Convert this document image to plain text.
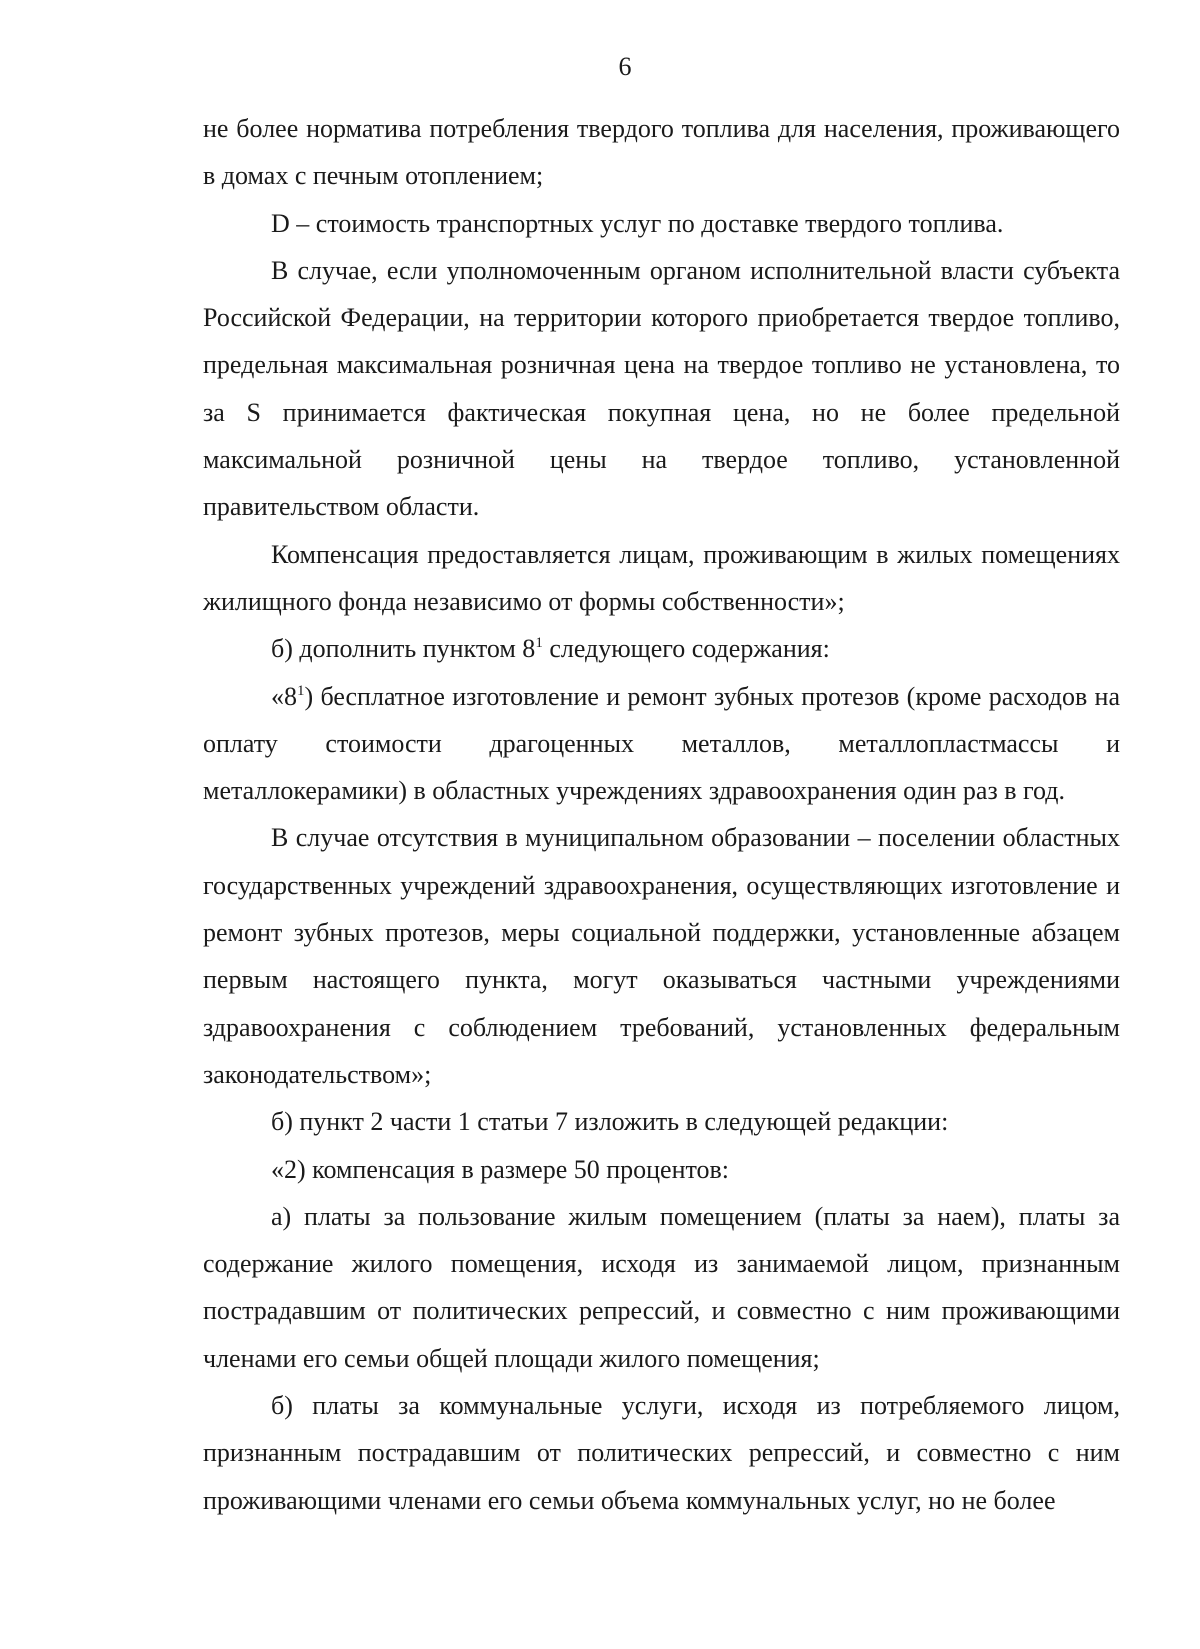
6

не более норматива потребления твердого топлива для населения, проживающего в домах с печным отоплением;

D – стоимость транспортных услуг по доставке твердого топлива.

В случае, если уполномоченным органом исполнительной власти субъекта Российской Федерации, на территории которого приобретается твердое топливо, предельная максимальная розничная цена на твердое топливо не установлена, то за S принимается фактическая покупная цена, но не более предельной максимальной розничной цены на твердое топливо, установленной правительством области.

Компенсация предоставляется лицам, проживающим в жилых помещениях жилищного фонда независимо от формы собственности»;

б) дополнить пунктом $8^1$ следующего содержания:

«$8^1$) бесплатное изготовление и ремонт зубных протезов (кроме расходов на оплату стоимости драгоценных металлов, металлопластмассы и металлокерамики) в областных учреждениях здравоохранения один раз в год.

В случае отсутствия в муниципальном образовании – поселении областных государственных учреждений здравоохранения, осуществляющих изготовление и ремонт зубных протезов, меры социальной поддержки, установленные абзацем первым настоящего пункта, могут оказываться частными учреждениями здравоохранения с соблюдением требований, установленных федеральным законодательством»;

б) пункт 2 части 1 статьи 7 изложить в следующей редакции:

«2) компенсация в размере 50 процентов:

а) платы за пользование жилым помещением (платы за наем), платы за содержание жилого помещения, исходя из занимаемой лицом, признанным пострадавшим от политических репрессий, и совместно с ним проживающими членами его семьи общей площади жилого помещения;

б) платы за коммунальные услуги, исходя из потребляемого лицом, признанным пострадавшим от политических репрессий, и совместно с ним проживающими членами его семьи объема коммунальных услуг, но не более
